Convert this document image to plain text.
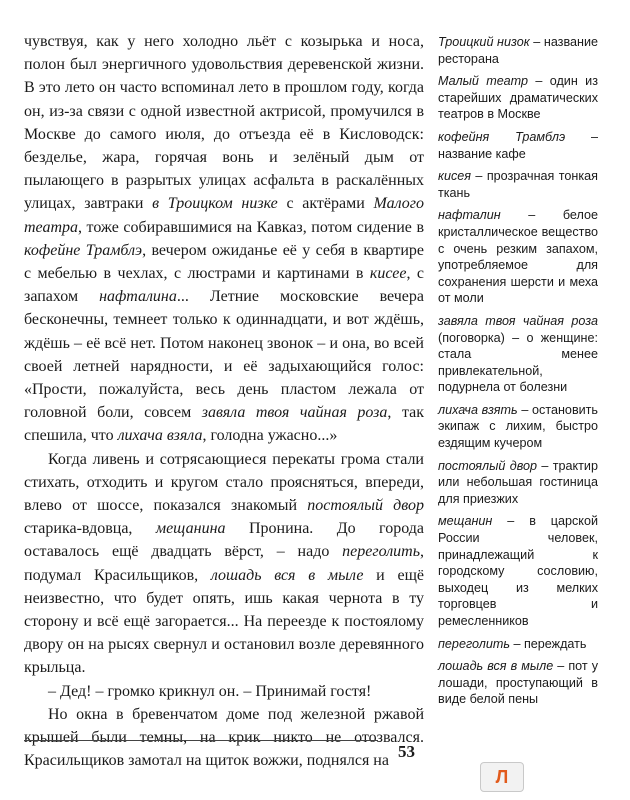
чувствуя, как у него холодно льёт с козырька и носа, полон был энергичного удовольствия деревенской жизни. В это лето он часто вспоминал лето в прошлом году, когда он, из-за связи с одной известной актрисой, промучился в Москве до самого июля, до отъезда её в Кисловодск: безделье, жара, горячая вонь и зелёный дым от пылающего в разрытых улицах асфальта в раскалённых улицах, завтраки в Троицком низке с актёрами Малого театра, тоже собиравшимися на Кавказ, потом сидение в кофейне Трамблэ, вечером ожиданье её у себя в квартире с мебелью в чехлах, с люстрами и картинами в кисее, с запахом нафталина... Летние московские вечера бесконечны, темнеет только к одиннадцати, и вот ждёшь, ждёшь – её всё нет. Потом наконец звонок – и она, во всей своей летней нарядности, и её задыхающийся голос: «Прости, пожалуйста, весь день пластом лежала от головной боли, совсем завяла твоя чайная роза, так спешила, что лихача взяла, голодна ужасно...»

Когда ливень и сотрясающиеся перекаты грома стали стихать, отходить и кругом стало проясняться, впереди, влево от шоссе, показался знакомый постоялый двор старика-вдовца, мещанина Пронина. До города оставалось ещё двадцать вёрст, – надо переголить, подумал Красильщиков, лошадь вся в мыле и ещё неизвестно, что будет опять, ишь какая чернота в ту сторону и всё ещё загорается... На переезде к постоялому двору он на рысях свернул и остановил возле деревянного крыльца.

– Дед! – громко крикнул он. – Принимай гостя!

Но окна в бревенчатом доме под железной ржавой крышей были темны, на крик никто не отозвался. Красильщиков замотал на щиток вожжи, поднялся на

Троицкий низок – название ресторана
Малый театр – один из старейших драматических театров в Москве
кофейня Трамблэ – название кафе
кисея – прозрачная тонкая ткань
нафталин – белое кристаллическое вещество с очень резким запахом, употребляемое для сохранения шерсти и меха от моли
завяла твоя чайная роза (поговорка) – о женщине: стала менее привлекательной, подурнела от болезни
лихача взять – остановить экипаж с лихим, быстро ездящим кучером
постоялый двор – трактир или небольшая гостиница для приезжих
мещанин – в царской России человек, принадлежащий к городскому сословию, выходец из мелких торговцев и ремесленников
переголить – переждать
лошадь вся в мыле – пот у лошади, проступающий в виде белой пены
53
Л
